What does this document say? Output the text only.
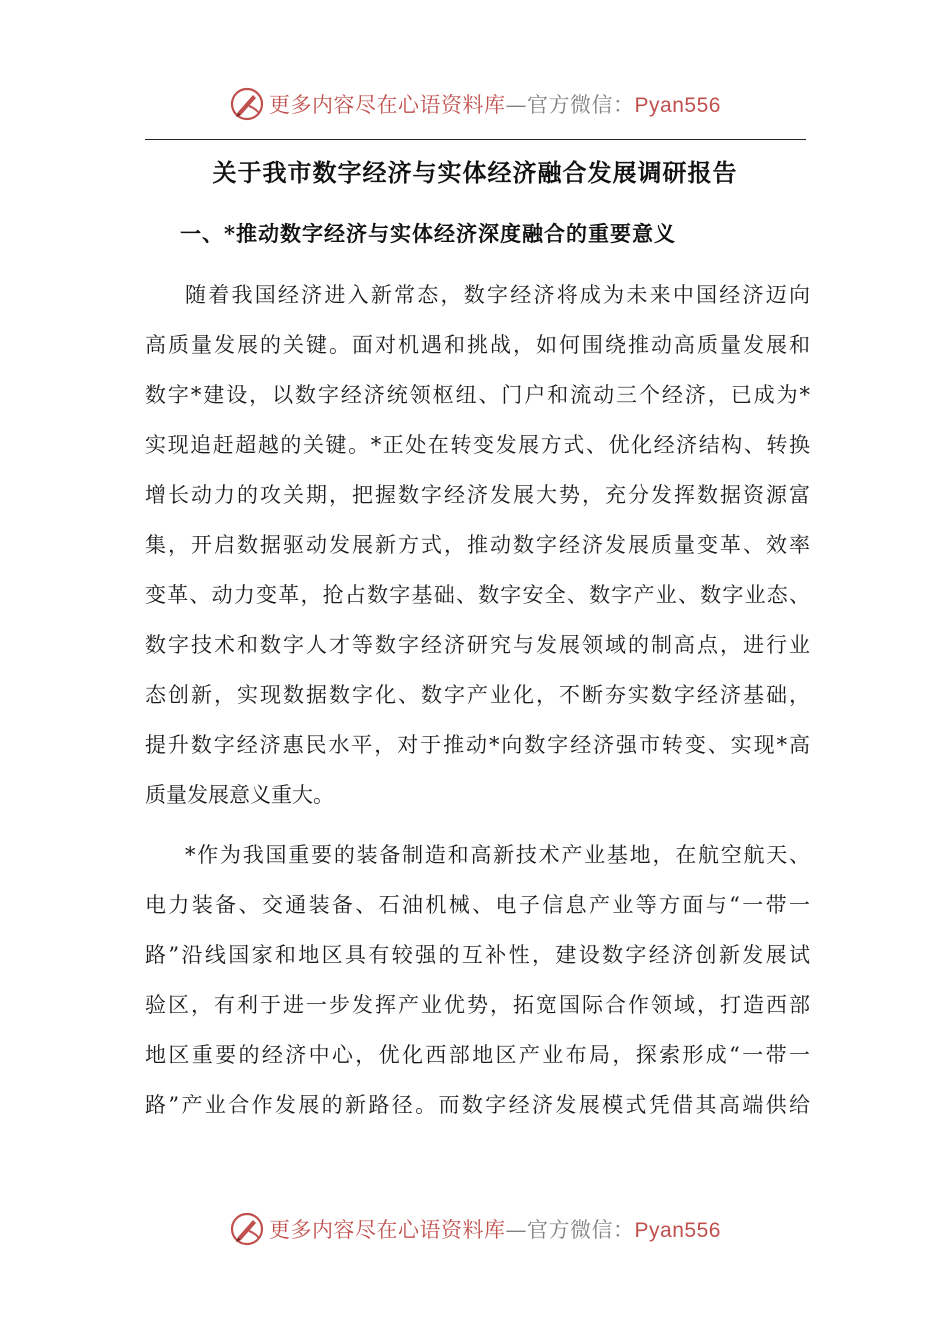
更多内容尽在心语资料库—官方微信：Pyan556
关于我市数字经济与实体经济融合发展调研报告
一、*推动数字经济与实体经济深度融合的重要意义
随着我国经济进入新常态，数字经济将成为未来中国经济迈向
高质量发展的关键。面对机遇和挑战，如何围绕推动高质量发展和
数字*建设，以数字经济统领枢纽、门户和流动三个经济，已成为*
实现追赶超越的关键。*正处在转变发展方式、优化经济结构、转换
增长动力的攻关期，把握数字经济发展大势，充分发挥数据资源富
集，开启数据驱动发展新方式，推动数字经济发展质量变革、效率
变革、动力变革，抢占数字基础、数字安全、数字产业、数字业态、
数字技术和数字人才等数字经济研究与发展领域的制高点，进行业
态创新，实现数据数字化、数字产业化，不断夯实数字经济基础，
提升数字经济惠民水平，对于推动*向数字经济强市转变、实现*高
质量发展意义重大。
*作为我国重要的装备制造和高新技术产业基地，在航空航天、
电力装备、交通装备、石油机械、电子信息产业等方面与“一带一
路”沿线国家和地区具有较强的互补性，建设数字经济创新发展试
验区，有利于进一步发挥产业优势，拓宽国际合作领域，打造西部
地区重要的经济中心，优化西部地区产业布局，探索形成“一带一
路”产业合作发展的新路径。而数字经济发展模式凭借其高端供给
更多内容尽在心语资料库—官方微信：Pyan556
